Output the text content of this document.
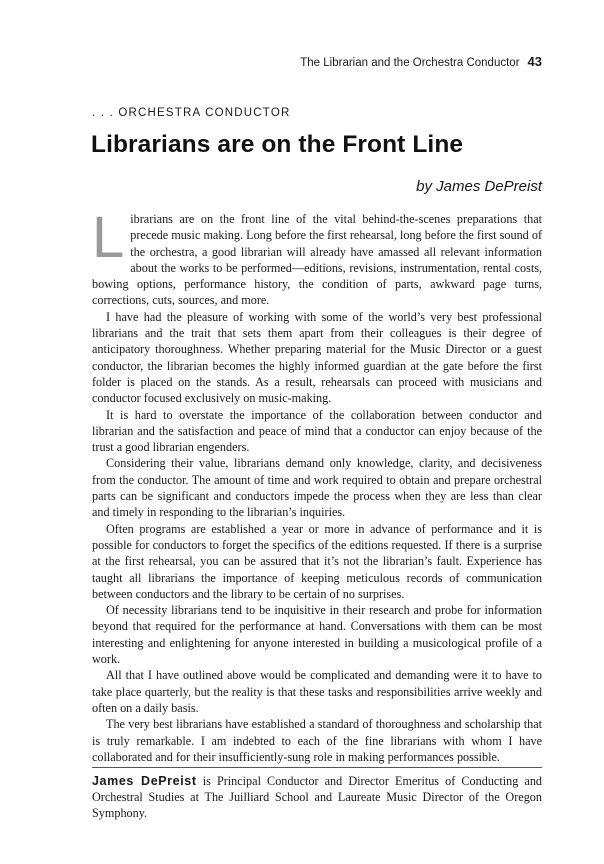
The Librarian and the Orchestra Conductor 43
. . . ORCHESTRA CONDUCTOR
Librarians are on the Front Line
by James DePreist

Librarians are on the front line of the vital behind-the-scenes preparations that precede music making. Long before the first rehearsal, long before the first sound of the orchestra, a good librarian will already have amassed all relevant information about the works to be performed—editions, revisions, instrumentation, rental costs, bowing options, performance history, the condition of parts, awkward page turns, corrections, cuts, sources, and more.

I have had the pleasure of working with some of the world’s very best professional librarians and the trait that sets them apart from their colleagues is their degree of anticipatory thoroughness. Whether preparing material for the Music Director or a guest conductor, the librarian becomes the highly informed guardian at the gate before the first folder is placed on the stands. As a result, rehearsals can proceed with musicians and conductor focused exclusively on music-making.

It is hard to overstate the importance of the collaboration between conductor and librarian and the satisfaction and peace of mind that a conductor can enjoy because of the trust a good librarian engenders.

Considering their value, librarians demand only knowledge, clarity, and decisiveness from the conductor. The amount of time and work required to obtain and prepare orchestral parts can be significant and conductors impede the process when they are less than clear and timely in responding to the librarian’s inquiries.

Often programs are established a year or more in advance of performance and it is possible for conductors to forget the specifics of the editions requested. If there is a surprise at the first rehearsal, you can be assured that it’s not the librarian’s fault. Experience has taught all librarians the importance of keeping meticulous records of communication between conductors and the library to be certain of no surprises.

Of necessity librarians tend to be inquisitive in their research and probe for information beyond that required for the performance at hand. Conversations with them can be most interesting and enlightening for anyone interested in building a musicological profile of a work.

All that I have outlined above would be complicated and demanding were it to have to take place quarterly, but the reality is that these tasks and responsibilities arrive weekly and often on a daily basis.

The very best librarians have established a standard of thoroughness and scholarship that is truly remarkable. I am indebted to each of the fine librarians with whom I have collaborated and for their insufficiently-sung role in making performances possible.

James DePreist is Principal Conductor and Director Emeritus of Conducting and Orchestral Studies at The Juilliard School and Laureate Music Director of the Oregon Symphony.
